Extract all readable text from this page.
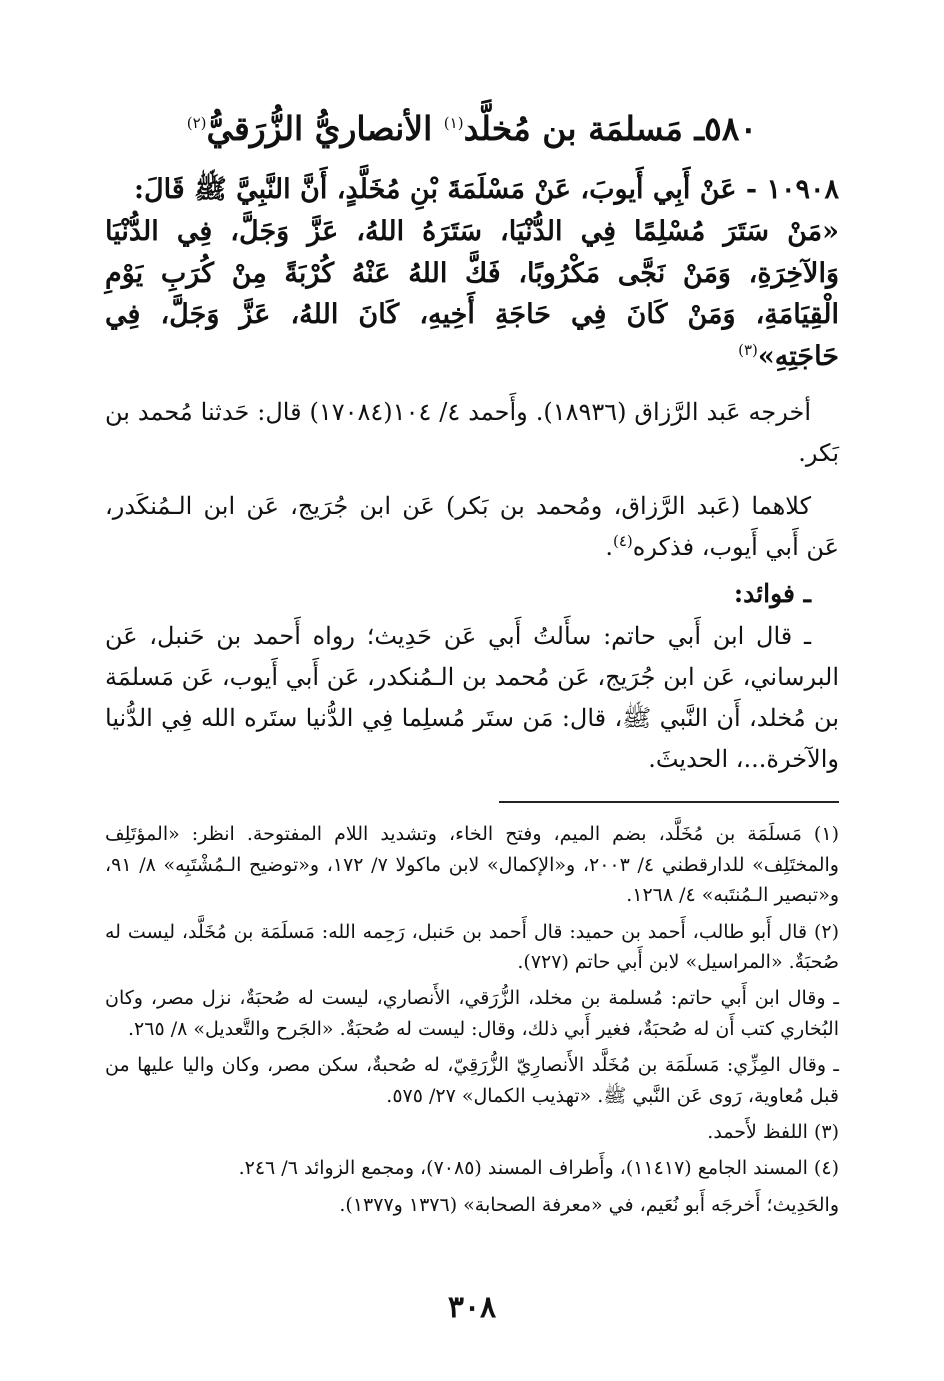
٥٨٠ـ مَسلمَة بن مُخلَّد$^{(١)}$ الأنصاريُّ الزُّرَقيُّ$^{(٢)}$
١٠٩٠٨ - عَنْ أَبِي أَيوبَ، عَنْ مَسْلَمَةَ بْنِ مُخَلَّدٍ، أَنَّ النَّبِيَّ ﷺ قَالَ:
«مَنْ سَتَرَ مُسْلِمًا فِي الدُّنْيَا، سَتَرَهُ اللهُ، عَزَّ وَجَلَّ، فِي الدُّنْيَا وَالآخِرَةِ، وَمَنْ نَجَّى مَكْرُوبًا، فَكَّ اللهُ عَنْهُ كُرْبَةً مِنْ كُرَبِ يَوْمِ الْقِيَامَةِ، وَمَنْ كَانَ فِي حَاجَةِ أَخِيهِ، كَانَ اللهُ، عَزَّ وَجَلَّ، فِي حَاجَتِهِ»$^{(٣)}$

أخرجه عَبد الرَّزاق (١٨٩٣٦). وأَحمد ٤/ ١٠٤(١٧٠٨٤) قال: حَدثنا مُحمد بن بَكر.

كلاهما (عَبد الرَّزاق، ومُحمد بن بَكر) عَن ابن جُرَيج، عَن ابن الـمُنكَدر، عَن أَبي أَيوب، فذكره$^{(٤)}$.

ـ فوائد:

ـ قال ابن أَبي حاتم: سأَلتُ أَبي عَن حَدِيث؛ رواه أَحمد بن حَنبل، عَن البرساني، عَن ابن جُرَيج، عَن مُحمد بن الـمُنكدر، عَن أَبي أَيوب، عَن مَسلمَة بن مُخلد، أَن النَّبي ﷺ، قال: مَن ستَر مُسلِما فِي الدُّنيا ستَره الله فِي الدُّنيا والآخرة...، الحديثَ.

(١) مَسلَمَة بن مُخَلَّد، بضم الميم، وفتح الخاء، وتشديد اللام المفتوحة. انظر: «المؤتَلِف والمختَلِف» للدارقطني ٤/ ٢٠٠٣، و«الإكمال» لابن ماكولا ٧/ ١٧٢، و«توضيح الـمُشْتَبِه» ٨/ ٩١، و«تبصير الـمُنتَبه» ٤/ ١٢٦٨.

(٢) قال أَبو طالب، أَحمد بن حميد: قال أَحمد بن حَنبل، رَحِمه الله: مَسلَمَة بن مُخَلَّد، ليست له صُحبَةٌ. «المراسيل» لابن أَبي حاتم (٧٢٧).

ـ وقال ابن أَبي حاتم: مُسلمة بن مخلد، الزُّرَقي، الأَنصاري، ليست له صُحبَةٌ، نزل مصر، وكان البُخاري كتب أَن له صُحبَةٌ، فغير أَبي ذلك، وقال: ليست له صُحبَةٌ. «الجَرح والتَّعديل» ٨/ ٢٦٥.

ـ وقال المِزِّي: مَسلَمَة بن مُخَلَّد الأَنصارِيّ الزُّرَقِيّ، له صُحبةٌ، سكن مصر، وكان واليا عليها من قبل مُعاوية، رَوى عَن النَّبي ﷺ. «تهذيب الكمال» ٢٧/ ٥٧٥.

(٣) اللفظ لأَحمد.

(٤) المسند الجامع (١١٤١٧)، وأَطراف المسند (٧٠٨٥)، ومجمع الزوائد ٦/ ٢٤٦.

والحَدِيث؛ أَخرجَه أَبو نُعَيم، في «معرفة الصحابة» (١٣٧٦ و١٣٧٧).

٣٠٨
